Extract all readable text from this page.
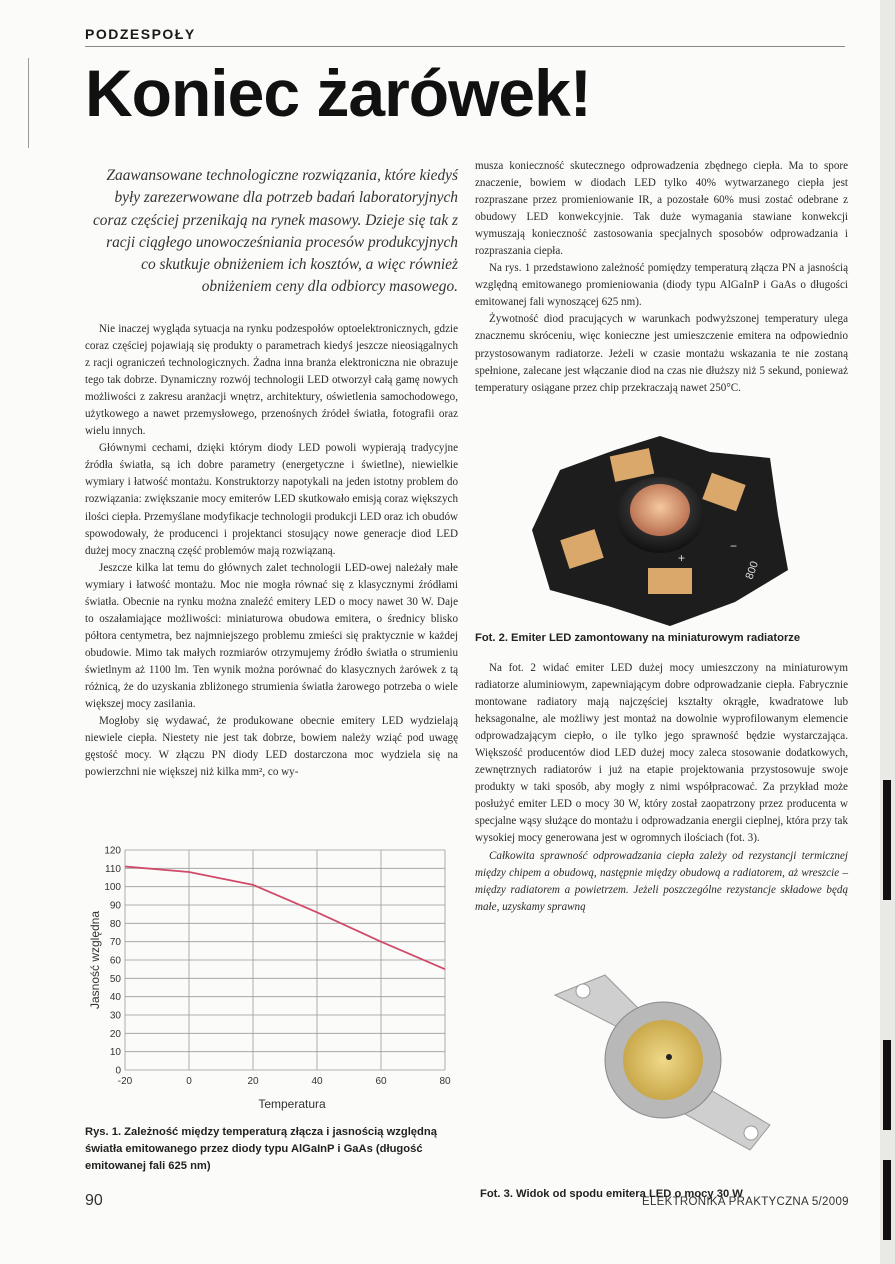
PODZESPOŁY
Koniec żarówek!
Zaawansowane technologiczne rozwiązania, które kiedyś były zarezerwowane dla potrzeb badań laboratoryjnych coraz częściej przenikają na rynek masowy. Dzieje się tak z racji ciągłego unowocześniania procesów produkcyjnych co skutkuje obniżeniem ich kosztów, a więc również obniżeniem ceny dla odbiorcy masowego.

Nie inaczej wygląda sytuacja na rynku podzespołów optoelektronicznych, gdzie coraz częściej pojawiają się produkty o parametrach kiedyś jeszcze nieosiągalnych z racji ograniczeń technologicznych. Żadna inna branża elektroniczna nie obrazuje tego tak dobrze. Dynamiczny rozwój technologii LED otworzył całą gamę nowych możliwości z zakresu aranżacji wnętrz, architektury, oświetlenia samochodowego, użytkowego a nawet przemysłowego, przenośnych źródeł światła, fotografii oraz wielu innych.

Głównymi cechami, dzięki którym diody LED powoli wypierają tradycyjne źródła światła, są ich dobre parametry (energetyczne i świetlne), niewielkie wymiary i łatwość montażu. Konstruktorzy napotykali na jeden istotny problem do rozwiązania: zwiększanie mocy emiterów LED skutkowało emisją coraz większych ilości ciepła. Przemyślane modyfikacje technologii produkcji LED oraz ich obudów spowodowały, że producenci i projektanci stosujący nowe generacje diod LED dużej mocy znaczną część problemów mają rozwiązaną.

Jeszcze kilka lat temu do głównych zalet technologii LED-owej należały małe wymiary i łatwość montażu. Moc nie mogła równać się z klasycznymi źródłami światła. Obecnie na rynku można znaleźć emitery LED o mocy nawet 30 W. Daje to oszałamiające możliwości: miniaturowa obudowa emitera, o średnicy blisko półtora centymetra, bez najmniejszego problemu zmieści się praktycznie w każdej obudowie. Mimo tak małych rozmiarów otrzymujemy źródło światła o strumieniu świetlnym aż 1100 lm. Ten wynik można porównać do klasycznych żarówek z tą różnicą, że do uzyskania zbliżonego strumienia światła żarowego potrzeba o wiele większej mocy zasilania.

Mogłoby się wydawać, że produkowane obecnie emitery LED wydzielają niewiele ciepła. Niestety nie jest tak dobrze, bowiem należy wziąć pod uwagę gęstość mocy. W złączu PN diody LED dostarczona moc wydziela się na powierzchni nie większej niż kilka mm², co wy-

0
10
20
30
40
50
60
70
80
90
100
110
120
-20	0	20	40	60	80
Jasność względna
Temperatura
Rys. 1. Zależność między temperaturą złącza i jasnością względną światła emitowanego przez diody typu AlGaInP i GaAs (długość emitowanej fali 625 nm)

musza konieczność skutecznego odprowadzenia zbędnego ciepła. Ma to spore znaczenie, bowiem w diodach LED tylko 40% wytwarzanego ciepła jest rozpraszane przez promieniowanie IR, a pozostałe 60% musi zostać odebrane z obudowy LED konwekcyjnie. Tak duże wymagania stawiane konwekcji wymuszają konieczność zastosowania specjalnych sposobów odprowadzania i rozpraszania ciepła.

Na rys. 1 przedstawiono zależność pomiędzy temperaturą złącza PN a jasnością względną emitowanego promieniowania (diody typu AlGaInP i GaAs o długości emitowanej fali wynoszącej 625 nm).

Żywotność diod pracujących w warunkach podwyższonej temperatury ulega znacznemu skróceniu, więc konieczne jest umieszczenie emitera na odpowiednio przystosowanym radiatorze. Jeżeli w czasie montażu wskazania te nie zostaną spełnione, zalecane jest włączanie diod na czas nie dłuższy niż 5 sekund, ponieważ temperatury osiągane przez chip przekraczają nawet 250°C.

+
−
800
Fot. 2. Emiter LED zamontowany na miniaturowym radiatorze

Na fot. 2 widać emiter LED dużej mocy umieszczony na miniaturowym radiatorze aluminiowym, zapewniającym dobre odprowadzanie ciepła. Fabrycznie montowane radiatory mają najczęściej kształty okrągłe, kwadratowe lub heksagonalne, ale możliwy jest montaż na dowolnie wyprofilowanym elemencie odprowadzającym ciepło, o ile tylko jego sprawność będzie wystarczająca. Większość producentów diod LED dużej mocy zaleca stosowanie dodatkowych, zewnętrznych radiatorów i już na etapie projektowania przystosowuje swoje produkty w taki sposób, aby mogły z nimi współpracować. Za przykład może posłużyć emiter LED o mocy 30 W, który został zaopatrzony przez producenta w specjalne wąsy służące do montażu i odprowadzania energii cieplnej, która przy tak wysokiej mocy generowana jest w ogromnych ilościach (fot. 3).

Całkowita sprawność odprowadzania ciepła zależy od rezystancji termicznej między chipem a obudową, następnie między obudową a radiatorem, aż wreszcie – między radiatorem a powietrzem. Jeżeli poszczególne rezystancje składowe będą małe, uzyskamy sprawną

Fot. 3. Widok od spodu emitera LED o mocy 30 W
90	ELEKTRONIKA PRAKTYCZNA 5/2009
